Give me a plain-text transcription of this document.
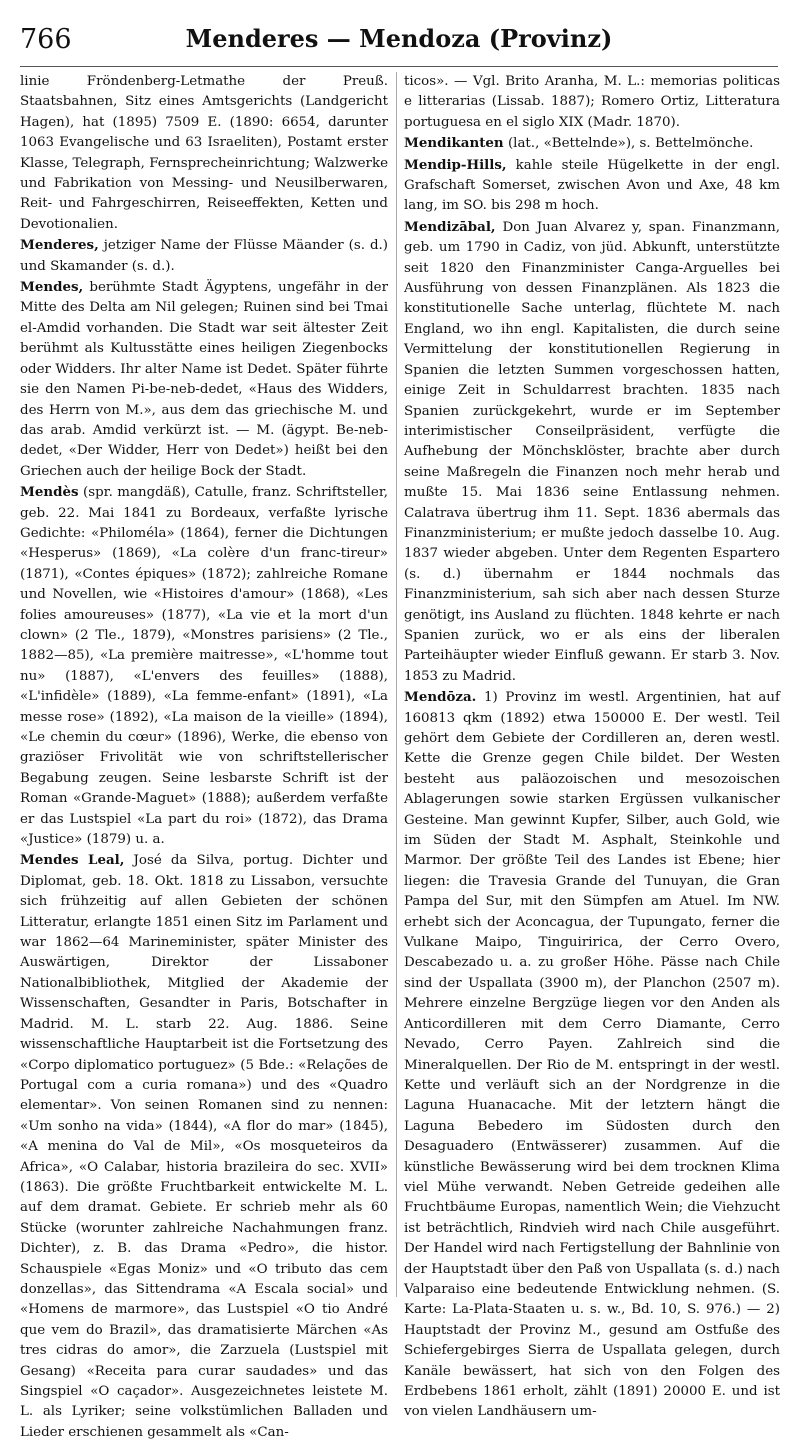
766	Menderes — Mendoza (Provinz)

linie Fröndenberg-Letmathe der Preuß. Staatsbahnen, Sitz eines Amtsgerichts (Landgericht Hagen), hat (1895) 7509 E. (1890: 6654, darunter 1063 Evangelische und 63 Israeliten), Postamt erster Klasse, Telegraph, Fernsprecheinrichtung; Walzwerke und Fabrikation von Messing- und Neusilberwaren, Reit- und Fahrgeschirren, Reiseeffekten, Ketten und Devotionalien.

Menderes, jetziger Name der Flüsse Mäander (s. d.) und Skamander (s. d.).

Mendes, berühmte Stadt Ägyptens, ungefähr in der Mitte des Delta am Nil gelegen; Ruinen sind bei Tmai el-Amdid vorhanden. Die Stadt war seit ältester Zeit berühmt als Kultusstätte eines heiligen Ziegenbocks oder Widders. Ihr alter Name ist Dedet. Später führte sie den Namen Pi-be-neb-dedet, «Haus des Widders, des Herrn von M.», aus dem das griechische M. und das arab. Amdid verkürzt ist. — M. (ägypt. Be-neb-dedet, «Der Widder, Herr von Dedet») heißt bei den Griechen auch der heilige Bock der Stadt.

Mendès (spr. mangdäß), Catulle, franz. Schriftsteller, geb. 22. Mai 1841 zu Bordeaux, verfaßte lyrische Gedichte: «Philoméla» (1864), ferner die Dichtungen «Hesperus» (1869), «La colère d'un franc-tireur» (1871), «Contes épiques» (1872); zahlreiche Romane und Novellen, wie «Histoires d'amour» (1868), «Les folies amoureuses» (1877), «La vie et la mort d'un clown» (2 Tle., 1879), «Monstres parisiens» (2 Tle., 1882—85), «La première maitresse», «L'homme tout nu» (1887), «L'envers des feuilles» (1888), «L'infidèle» (1889), «La femme-enfant» (1891), «La messe rose» (1892), «La maison de la vieille» (1894), «Le chemin du cœur» (1896), Werke, die ebenso von graziöser Frivolität wie von schriftstellerischer Begabung zeugen. Seine lesbarste Schrift ist der Roman «Grande-Maguet» (1888); außerdem verfaßte er das Lustspiel «La part du roi» (1872), das Drama «Justice» (1879) u. a.

Mendes Leal, José da Silva, portug. Dichter und Diplomat, geb. 18. Okt. 1818 zu Lissabon, versuchte sich frühzeitig auf allen Gebieten der schönen Litteratur, erlangte 1851 einen Sitz im Parlament und war 1862—64 Marineminister, später Minister des Auswärtigen, Direktor der Lissaboner Nationalbibliothek, Mitglied der Akademie der Wissenschaften, Gesandter in Paris, Botschafter in Madrid. M. L. starb 22. Aug. 1886. Seine wissenschaftliche Hauptarbeit ist die Fortsetzung des «Corpo diplomatico portuguez» (5 Bde.: «Relações de Portugal com a curia romana») und des «Quadro elementar». Von seinen Romanen sind zu nennen: «Um sonho na vida» (1844), «A flor do mar» (1845), «A menina do Val de Mil», «Os mosqueteiros da Africa», «O Calabar, historia brazileira do sec. XVII» (1863). Die größte Fruchtbarkeit entwickelte M. L. auf dem dramat. Gebiete. Er schrieb mehr als 60 Stücke (worunter zahlreiche Nachahmungen franz. Dichter), z. B. das Drama «Pedro», die histor. Schauspiele «Egas Moniz» und «O tributo das cem donzellas», das Sittendrama «A Escala social» und «Homens de marmore», das Lustspiel «O tio André que vem do Brazil», das dramatisierte Märchen «As tres cidras do amor», die Zarzuela (Lustspiel mit Gesang) «Receita para curar saudades» und das Singspiel «O caçador». Ausgezeichnetes leistete M. L. als Lyriker; seine volkstümlichen Balladen und Lieder erschienen gesammelt als «Can-

ticos». — Vgl. Brito Aranha, M. L.: memorias politicas e litterarias (Lissab. 1887); Romero Ortiz, Litteratura portuguesa en el siglo XIX (Madr. 1870).

Mendikanten (lat., «Bettelnde»), s. Bettelmönche.

Mendip-Hills, kahle steile Hügelkette in der engl. Grafschaft Somerset, zwischen Avon und Axe, 48 km lang, im SO. bis 298 m hoch.

Mendizābal, Don Juan Alvarez y, span. Finanzmann, geb. um 1790 in Cadiz, von jüd. Abkunft, unterstützte seit 1820 den Finanzminister Canga-Arguelles bei Ausführung von dessen Finanzplänen. Als 1823 die konstitutionelle Sache unterlag, flüchtete M. nach England, wo ihn engl. Kapitalisten, die durch seine Vermittelung der konstitutionellen Regierung in Spanien die letzten Summen vorgeschossen hatten, einige Zeit in Schuldarrest brachten. 1835 nach Spanien zurückgekehrt, wurde er im September interimistischer Conseilpräsident, verfügte die Aufhebung der Mönchsklöster, brachte aber durch seine Maßregeln die Finanzen noch mehr herab und mußte 15. Mai 1836 seine Entlassung nehmen. Calatrava übertrug ihm 11. Sept. 1836 abermals das Finanzministerium; er mußte jedoch dasselbe 10. Aug. 1837 wieder abgeben. Unter dem Regenten Espartero (s. d.) übernahm er 1844 nochmals das Finanzministerium, sah sich aber nach dessen Sturze genötigt, ins Ausland zu flüchten. 1848 kehrte er nach Spanien zurück, wo er als eins der liberalen Parteihäupter wieder Einfluß gewann. Er starb 3. Nov. 1853 zu Madrid.

Mendōza. 1) Provinz im westl. Argentinien, hat auf 160813 qkm (1892) etwa 150000 E. Der westl. Teil gehört dem Gebiete der Cordilleren an, deren westl. Kette die Grenze gegen Chile bildet. Der Westen besteht aus paläozoischen und mesozoischen Ablagerungen sowie starken Ergüssen vulkanischer Gesteine. Man gewinnt Kupfer, Silber, auch Gold, wie im Süden der Stadt M. Asphalt, Steinkohle und Marmor. Der größte Teil des Landes ist Ebene; hier liegen: die Travesia Grande del Tunuyan, die Gran Pampa del Sur, mit den Sümpfen am Atuel. Im NW. erhebt sich der Aconcagua, der Tupungato, ferner die Vulkane Maipo, Tinguiririca, der Cerro Overo, Descabezado u. a. zu großer Höhe. Pässe nach Chile sind der Uspallata (3900 m), der Planchon (2507 m). Mehrere einzelne Bergzüge liegen vor den Anden als Anticordilleren mit dem Cerro Diamante, Cerro Nevado, Cerro Payen. Zahlreich sind die Mineralquellen. Der Rio de M. entspringt in der westl. Kette und verläuft sich an der Nordgrenze in die Laguna Huanacache. Mit der letztern hängt die Laguna Bebedero im Südosten durch den Desaguadero (Entwässerer) zusammen. Auf die künstliche Bewässerung wird bei dem trocknen Klima viel Mühe verwandt. Neben Getreide gedeihen alle Fruchtbäume Europas, namentlich Wein; die Viehzucht ist beträchtlich, Rindvieh wird nach Chile ausgeführt. Der Handel wird nach Fertigstellung der Bahnlinie von der Hauptstadt über den Paß von Uspallata (s. d.) nach Valparaiso eine bedeutende Entwicklung nehmen. (S. Karte: La-Plata-Staaten u. s. w., Bd. 10, S. 976.) — 2) Hauptstadt der Provinz M., gesund am Ostfuße des Schiefergebirges Sierra de Uspallata gelegen, durch Kanäle bewässert, hat sich von den Folgen des Erdbebens 1861 erholt, zählt (1891) 20000 E. und ist von vielen Landhäusern um-
